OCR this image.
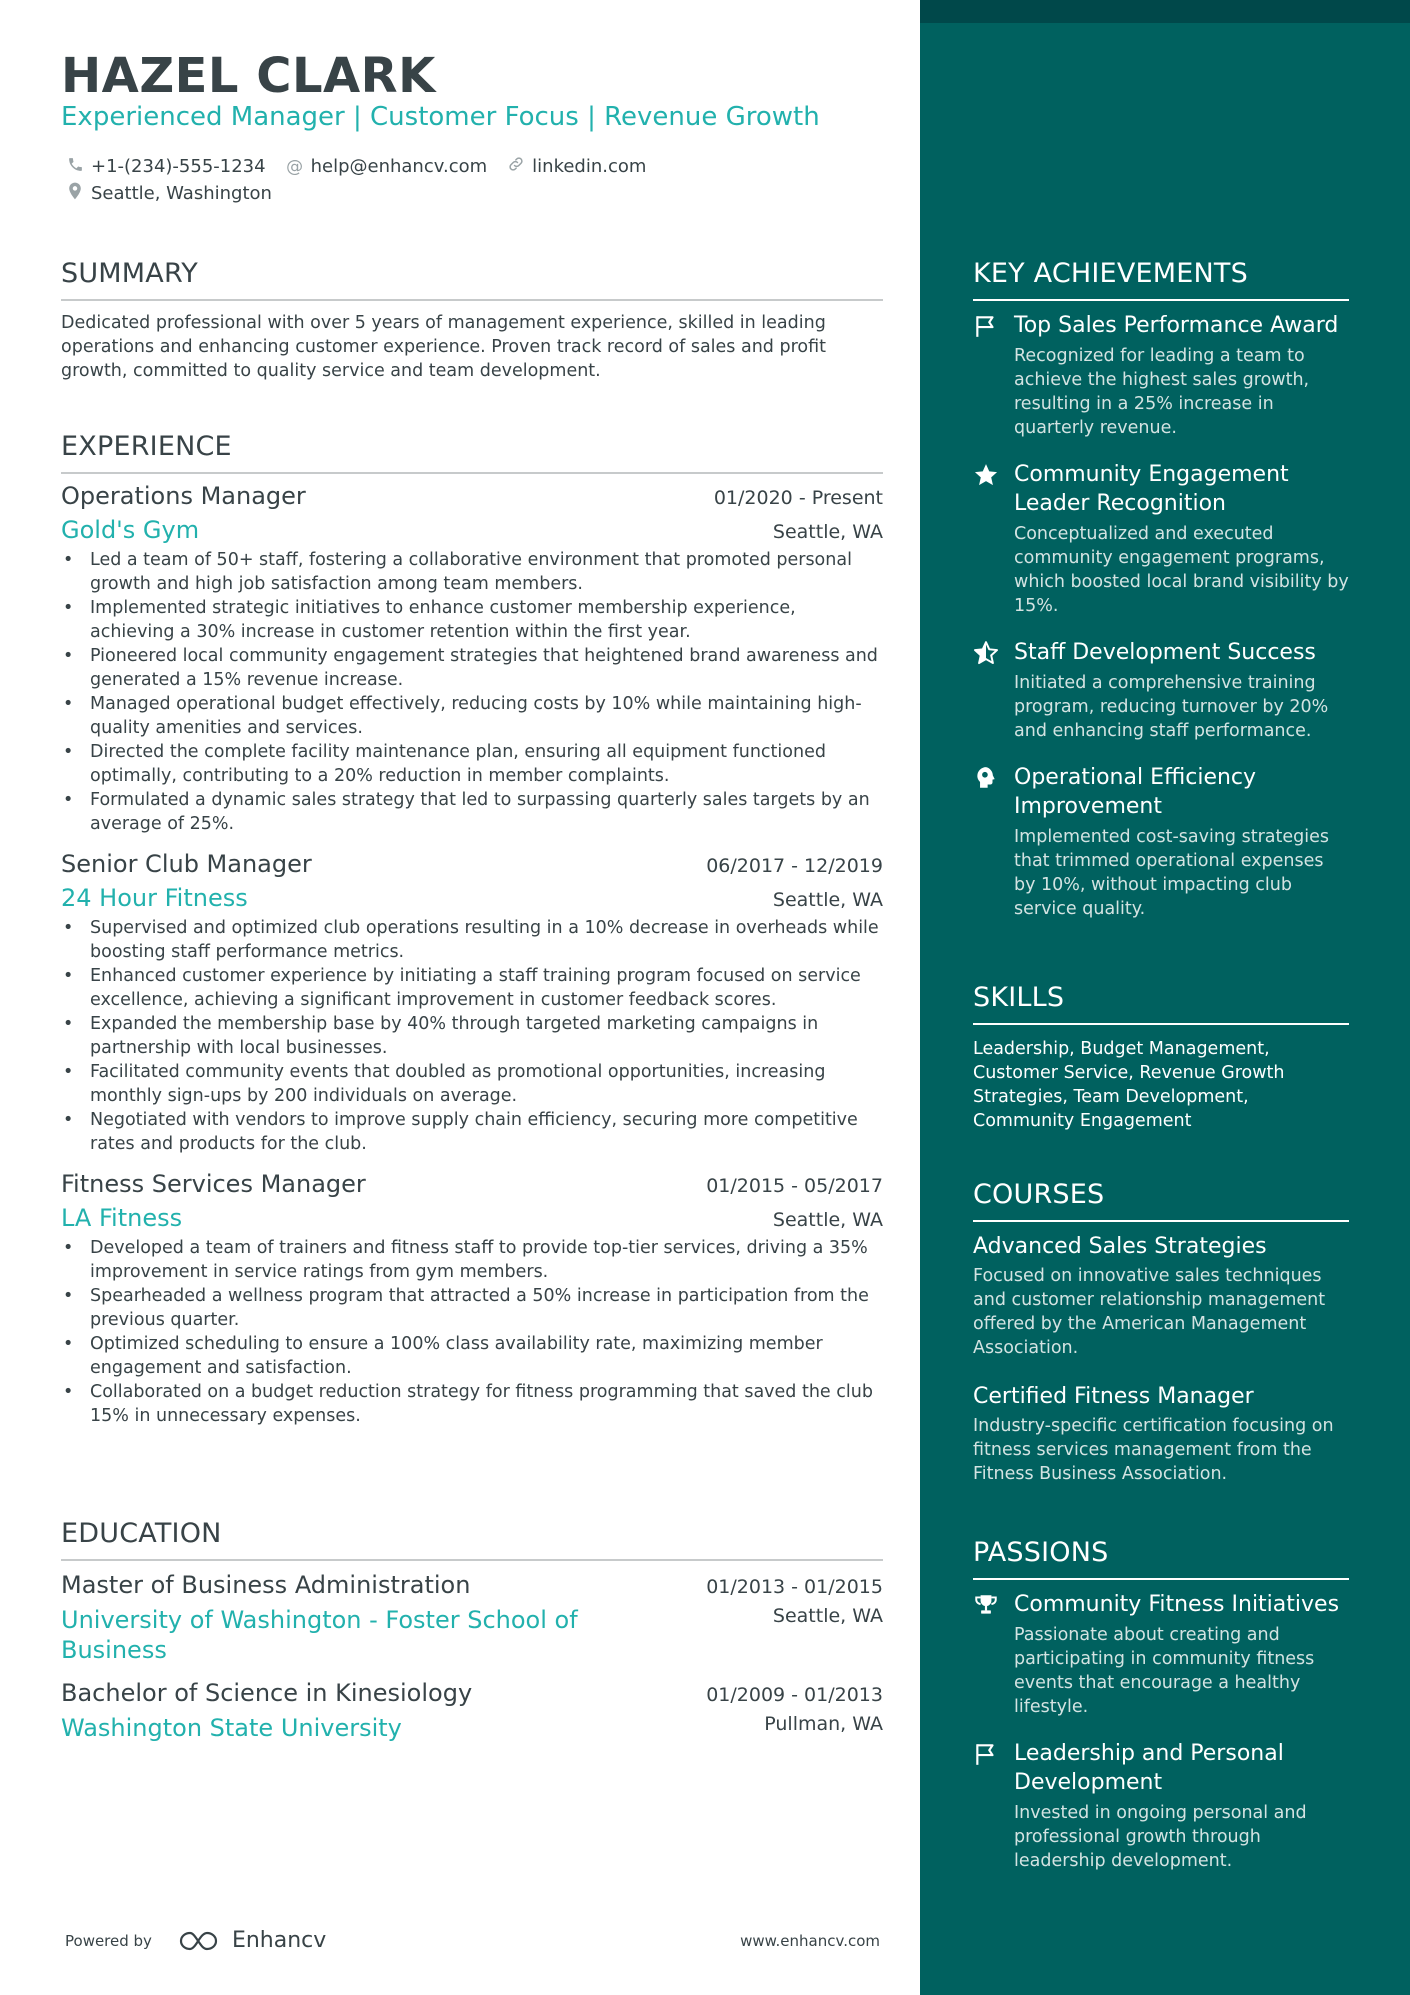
HAZEL CLARK
Experienced Manager | Customer Focus | Revenue Growth
+1-(234)-555-1234 @ help@enhancv.com	linkedin.com
Seattle, Washington
SUMMARY
Dedicated professional with over 5 years of management experience, skilled in leading operations and enhancing customer experience. Proven track record of sales and profit growth, committed to quality service and team development.
EXPERIENCE
Operations Manager	01/2020 - Present
Gold's Gym	Seattle, WA
• Led a team of 50+ staff, fostering a collaborative environment that promoted personal growth and high job satisfaction among team members.
• Implemented strategic initiatives to enhance customer membership experience, achieving a 30% increase in customer retention within the first year.
• Pioneered local community engagement strategies that heightened brand awareness and generated a 15% revenue increase.
• Managed operational budget effectively, reducing costs by 10% while maintaining high-quality amenities and services.
• Directed the complete facility maintenance plan, ensuring all equipment functioned optimally, contributing to a 20% reduction in member complaints.
• Formulated a dynamic sales strategy that led to surpassing quarterly sales targets by an average of 25%.
Senior Club Manager	06/2017 - 12/2019
24 Hour Fitness	Seattle, WA
• Supervised and optimized club operations resulting in a 10% decrease in overheads while boosting staff performance metrics.
• Enhanced customer experience by initiating a staff training program focused on service excellence, achieving a significant improvement in customer feedback scores.
• Expanded the membership base by 40% through targeted marketing campaigns in partnership with local businesses.
• Facilitated community events that doubled as promotional opportunities, increasing monthly sign-ups by 200 individuals on average.
• Negotiated with vendors to improve supply chain efficiency, securing more competitive rates and products for the club.
Fitness Services Manager	01/2015 - 05/2017
LA Fitness	Seattle, WA
• Developed a team of trainers and fitness staff to provide top-tier services, driving a 35% improvement in service ratings from gym members.
• Spearheaded a wellness program that attracted a 50% increase in participation from the previous quarter.
• Optimized scheduling to ensure a 100% class availability rate, maximizing member engagement and satisfaction.
• Collaborated on a budget reduction strategy for fitness programming that saved the club 15% in unnecessary expenses.
EDUCATION
Master of Business Administration	01/2013 - 01/2015
University of Washington - Foster School of Business
Seattle, WA
Bachelor of Science in Kinesiology	01/2009 - 01/2013
Washington State University	Pullman, WA
Powered by	Enhancv	www.enhancv.com
KEY ACHIEVEMENTS
Top Sales Performance Award
Recognized for leading a team to achieve the highest sales growth, resulting in a 25% increase in quarterly revenue.
Community Engagement Leader Recognition
Conceptualized and executed community engagement programs, which boosted local brand visibility by 15%.
Staff Development Success
Initiated a comprehensive training program, reducing turnover by 20% and enhancing staff performance.
Operational Efficiency Improvement
Implemented cost-saving strategies that trimmed operational expenses by 10%, without impacting club service quality.
SKILLS
Leadership, Budget Management, Customer Service, Revenue Growth Strategies, Team Development, Community Engagement
COURSES
Advanced Sales Strategies
Focused on innovative sales techniques and customer relationship management offered by the American Management Association.
Certified Fitness Manager
Industry-specific certification focusing on fitness services management from the Fitness Business Association.
PASSIONS
Community Fitness Initiatives
Passionate about creating and participating in community fitness events that encourage a healthy lifestyle.
Leadership and Personal Development
Invested in ongoing personal and professional growth through leadership development.
